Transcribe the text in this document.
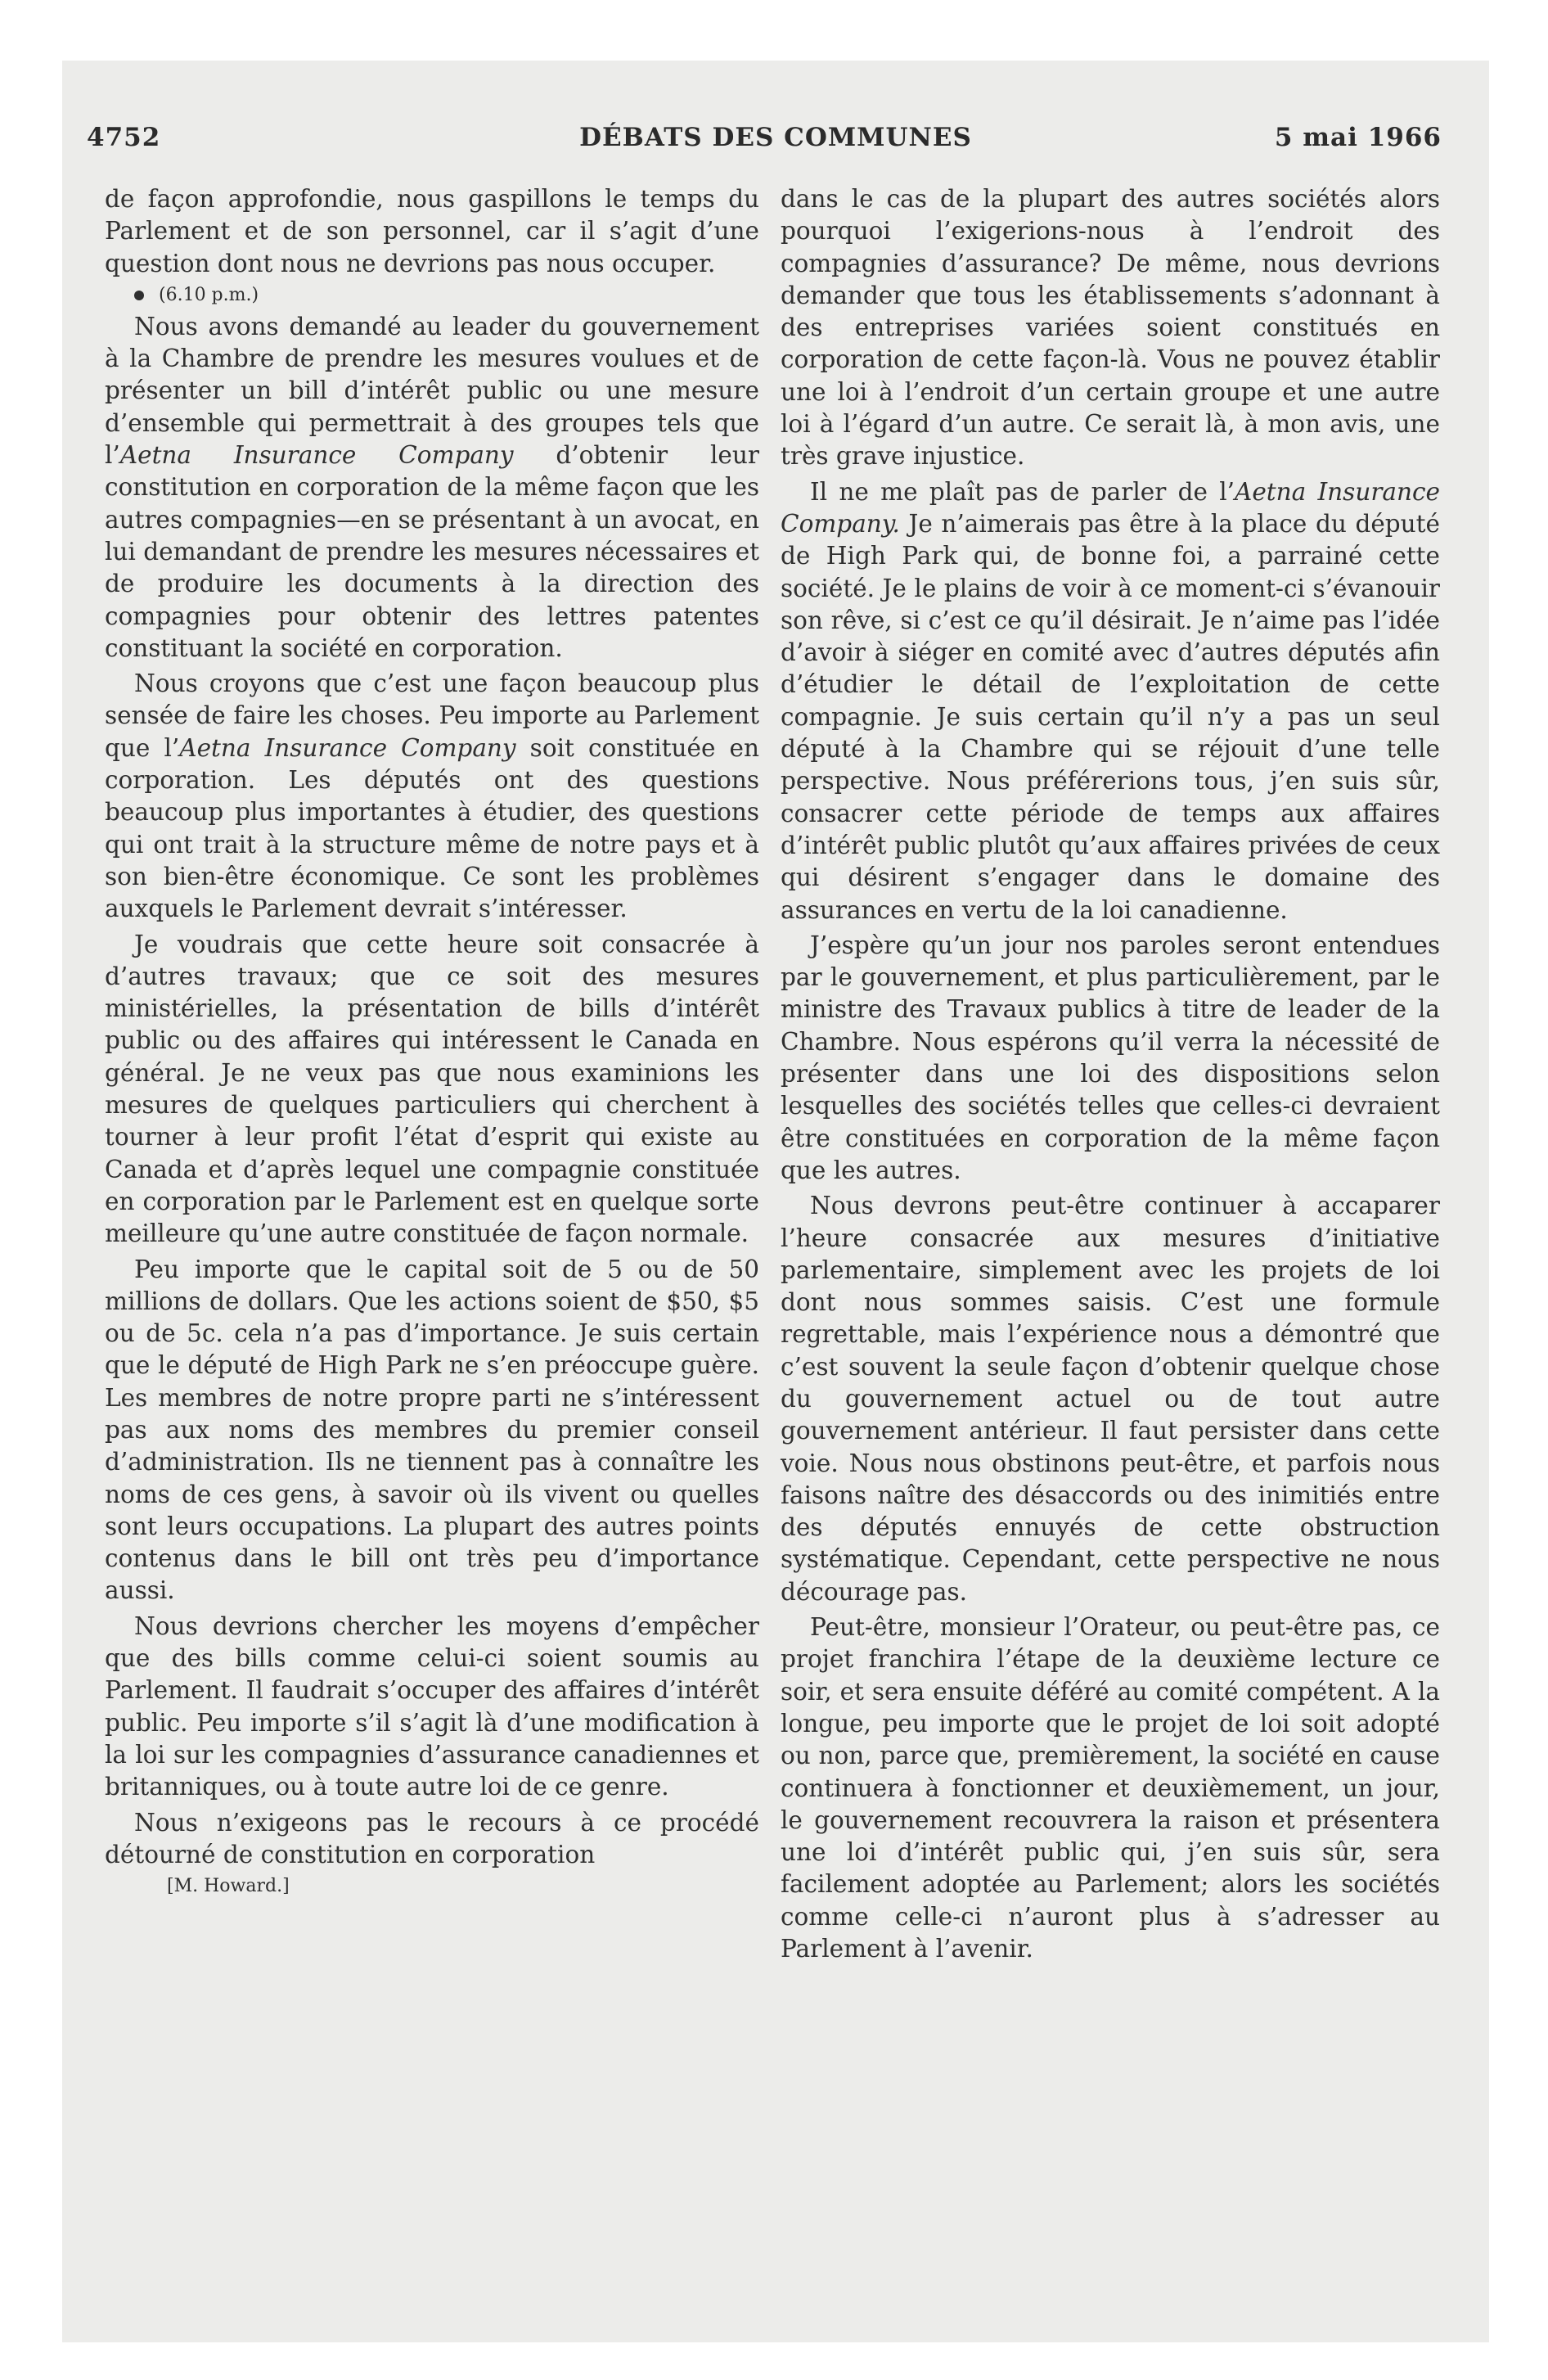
4752	DÉBATS DES COMMUNES	5 mai 1966

de façon approfondie, nous gaspillons le temps du Parlement et de son personnel, car il s’agit d’une question dont nous ne devrions pas nous occuper.

(6.10 p.m.)

Nous avons demandé au leader du gouvernement à la Chambre de prendre les mesures voulues et de présenter un bill d’intérêt public ou une mesure d’ensemble qui permettrait à des groupes tels que l’Aetna Insurance Company d’obtenir leur constitution en corporation de la même façon que les autres compagnies—en se présentant à un avocat, en lui demandant de prendre les mesures nécessaires et de produire les documents à la direction des compagnies pour obtenir des lettres patentes constituant la société en corporation.

Nous croyons que c’est une façon beaucoup plus sensée de faire les choses. Peu importe au Parlement que l’Aetna Insurance Company soit constituée en corporation. Les députés ont des questions beaucoup plus importantes à étudier, des questions qui ont trait à la structure même de notre pays et à son bien-être économique. Ce sont les problèmes auxquels le Parlement devrait s’intéresser.

Je voudrais que cette heure soit consacrée à d’autres travaux; que ce soit des mesures ministérielles, la présentation de bills d’intérêt public ou des affaires qui intéressent le Canada en général. Je ne veux pas que nous examinions les mesures de quelques particuliers qui cherchent à tourner à leur profit l’état d’esprit qui existe au Canada et d’après lequel une compagnie constituée en corporation par le Parlement est en quelque sorte meilleure qu’une autre constituée de façon normale.

Peu importe que le capital soit de 5 ou de 50 millions de dollars. Que les actions soient de $50, $5 ou de 5c. cela n’a pas d’importance. Je suis certain que le député de High Park ne s’en préoccupe guère. Les membres de notre propre parti ne s’intéressent pas aux noms des membres du premier conseil d’administration. Ils ne tiennent pas à connaître les noms de ces gens, à savoir où ils vivent ou quelles sont leurs occupations. La plupart des autres points contenus dans le bill ont très peu d’importance aussi.

Nous devrions chercher les moyens d’empêcher que des bills comme celui-ci soient soumis au Parlement. Il faudrait s’occuper des affaires d’intérêt public. Peu importe s’il s’agit là d’une modification à la loi sur les compagnies d’assurance canadiennes et britanniques, ou à toute autre loi de ce genre.

Nous n’exigeons pas le recours à ce procédé détourné de constitution en corporation

[M. Howard.]

dans le cas de la plupart des autres sociétés alors pourquoi l’exigerions-nous à l’endroit des compagnies d’assurance? De même, nous devrions demander que tous les établissements s’adonnant à des entreprises variées soient constitués en corporation de cette façon-là. Vous ne pouvez établir une loi à l’endroit d’un certain groupe et une autre loi à l’égard d’un autre. Ce serait là, à mon avis, une très grave injustice.

Il ne me plaît pas de parler de l’Aetna Insurance Company. Je n’aimerais pas être à la place du député de High Park qui, de bonne foi, a parrainé cette société. Je le plains de voir à ce moment-ci s’évanouir son rêve, si c’est ce qu’il désirait. Je n’aime pas l’idée d’avoir à siéger en comité avec d’autres députés afin d’étudier le détail de l’exploitation de cette compagnie. Je suis certain qu’il n’y a pas un seul député à la Chambre qui se réjouit d’une telle perspective. Nous préférerions tous, j’en suis sûr, consacrer cette période de temps aux affaires d’intérêt public plutôt qu’aux affaires privées de ceux qui désirent s’engager dans le domaine des assurances en vertu de la loi canadienne.

J’espère qu’un jour nos paroles seront entendues par le gouvernement, et plus particulièrement, par le ministre des Travaux publics à titre de leader de la Chambre. Nous espérons qu’il verra la nécessité de présenter dans une loi des dispositions selon lesquelles des sociétés telles que celles-ci devraient être constituées en corporation de la même façon que les autres.

Nous devrons peut-être continuer à accaparer l’heure consacrée aux mesures d’initiative parlementaire, simplement avec les projets de loi dont nous sommes saisis. C’est une formule regrettable, mais l’expérience nous a démontré que c’est souvent la seule façon d’obtenir quelque chose du gouvernement actuel ou de tout autre gouvernement antérieur. Il faut persister dans cette voie. Nous nous obstinons peut-être, et parfois nous faisons naître des désaccords ou des inimitiés entre des députés ennuyés de cette obstruction systématique. Cependant, cette perspective ne nous décourage pas.

Peut-être, monsieur l’Orateur, ou peut-être pas, ce projet franchira l’étape de la deuxième lecture ce soir, et sera ensuite déféré au comité compétent. A la longue, peu importe que le projet de loi soit adopté ou non, parce que, premièrement, la société en cause continuera à fonctionner et deuxièmement, un jour, le gouvernement recouvrera la raison et présentera une loi d’intérêt public qui, j’en suis sûr, sera facilement adoptée au Parlement; alors les sociétés comme celle-ci n’auront plus à s’adresser au Parlement à l’avenir.
